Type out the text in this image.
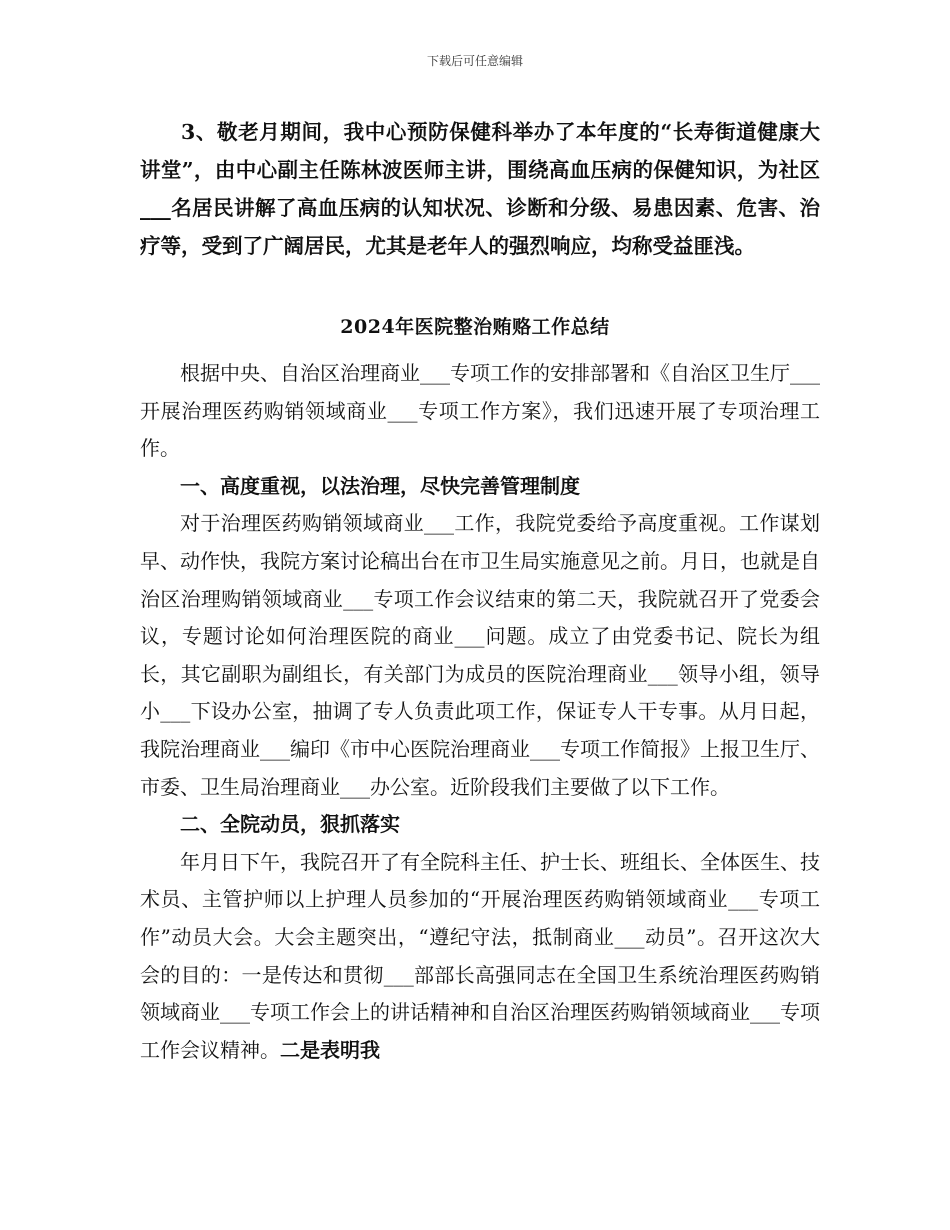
下载后可任意编辑

3、敬老月期间，我中心预防保健科举办了本年度的“长寿街道健康大讲堂”，由中心副主任陈林波医师主讲，围绕高血压病的保健知识，为社区___名居民讲解了高血压病的认知状况、诊断和分级、易患因素、危害、治疗等，受到了广阔居民，尤其是老年人的强烈响应，均称受益匪浅。

2024年医院整治贿赂工作总结

根据中央、自治区治理商业___专项工作的安排部署和《自治区卫生厅___开展治理医药购销领域商业___专项工作方案》，我们迅速开展了专项治理工作。

一、高度重视，以法治理，尽快完善管理制度

对于治理医药购销领域商业___工作，我院党委给予高度重视。工作谋划早、动作快，我院方案讨论稿出台在市卫生局实施意见之前。月日，也就是自治区治理购销领域商业___专项工作会议结束的第二天，我院就召开了党委会议，专题讨论如何治理医院的商业___问题。成立了由党委书记、院长为组长，其它副职为副组长，有关部门为成员的医院治理商业___领导小组，领导小___下设办公室，抽调了专人负责此项工作，保证专人干专事。从月日起，我院治理商业___编印《市中心医院治理商业___专项工作简报》上报卫生厅、市委、卫生局治理商业___办公室。近阶段我们主要做了以下工作。

二、全院动员，狠抓落实

年月日下午，我院召开了有全院科主任、护士长、班组长、全体医生、技术员、主管护师以上护理人员参加的“开展治理医药购销领域商业___专项工作”动员大会。大会主题突出，“遵纪守法，抵制商业___动员”。召开这次大会的目的：一是传达和贯彻___部部长高强同志在全国卫生系统治理医药购销领域商业___专项工作会上的讲话精神和自治区治理医药购销领域商业___专项工作会议精神。二是表明我
